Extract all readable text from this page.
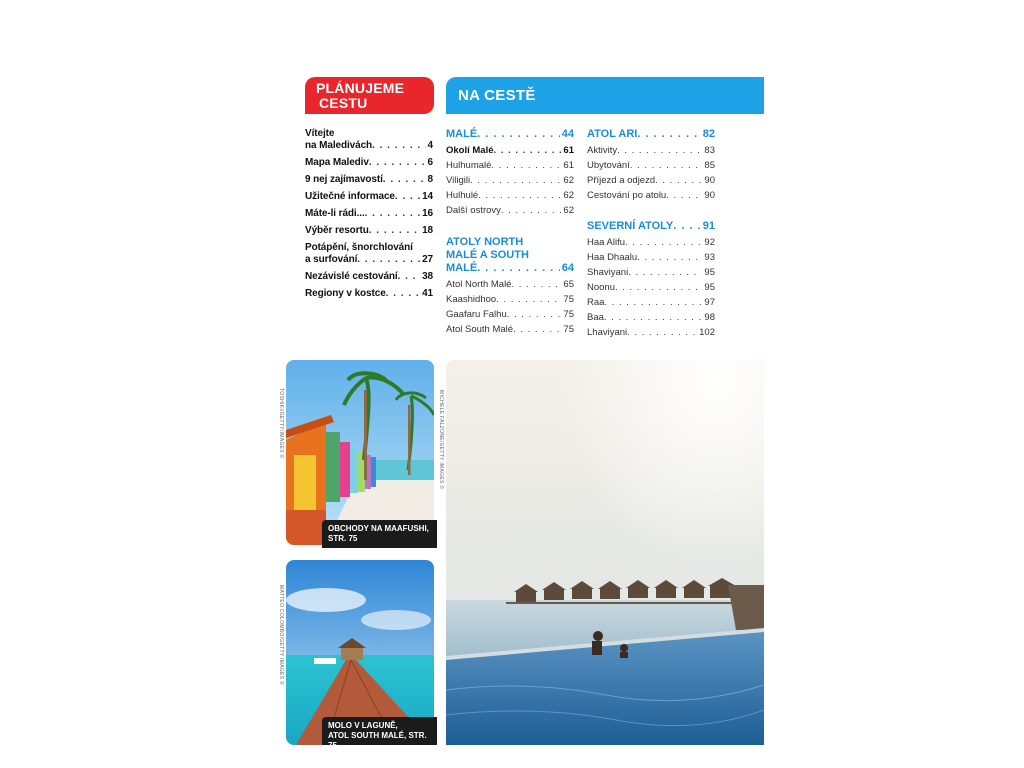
PLÁNUJEME
CESTU	NA CESTĚ
Vítejte
na Maledivách . . .	4
Mapa Malediv . . .	6
9 nej zajímavostí . . .	8
Užitečné informace . . .	14
Máte-li rádi... . . .	16
Výběr resortu . . .	18
Potápění, šnorchlování
a surfování . . .	27
Nezávislé cestování . . . 38
Regiony v kostce . . .	41
MALÉ . . .	44
Okolí Malé . . .	61
Hulhumalé . . .	61
Viligili . . .	62
Hulhulé . . .	62
Další ostrovy . . .	62
ATOLY NORTH
MALÉ A SOUTH
MALÉ . . .	64
Atol North Malé . . .	65
Kaashidhoo . . .	75
Gaafaru Falhu . . .	75
Atol South Malé . . .	75
ATOL ARI . . .	82
Aktivity . . .	83
Ubytování . . .	85
Příjezd a odjezd . . .	90
Cestování po atolu . . .	90
SEVERNÍ ATOLY . . .	91
Haa Alifu . . .	92
Haa Dhaalu . . .	93
Shaviyani . . .	95
Noonu . . .	95
Raa . . .	97
Baa . . .	98
Lhaviyani . . .	102
TOSHIKI/GETTY/IMAGES ©
OBCHODY NA MAAFUSHI,
STR. 75
MATTEO COLOMBO/GETTY IMAGES ©
MOLO V LAGUNĚ,
ATOL SOUTH MALÉ, STR. 75
MICHELE FALZONE/GETTY IMAGES ©
